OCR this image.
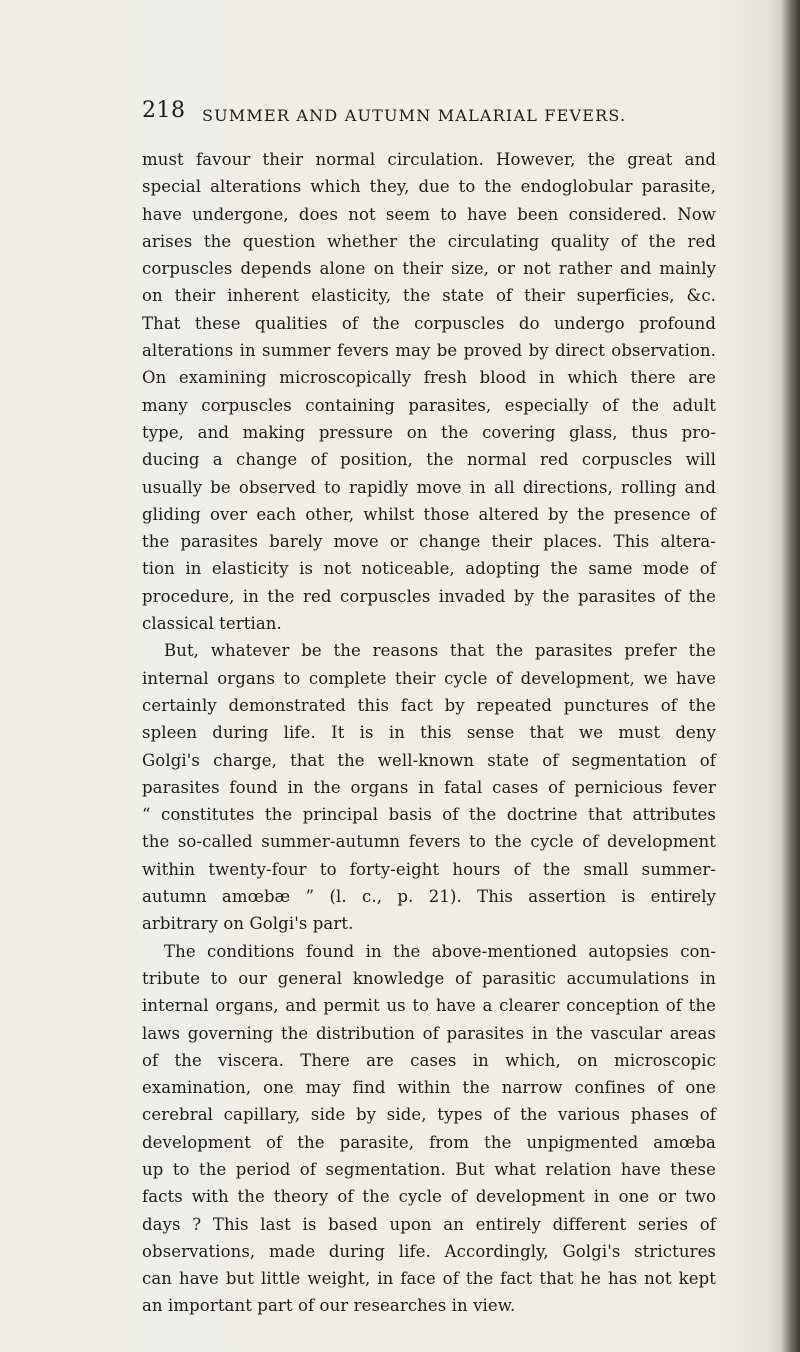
218 SUMMER AND AUTUMN MALARIAL FEVERS.
must favour their normal circulation. However, the great and
special alterations which they, due to the endoglobular parasite,
have undergone, does not seem to have been considered. Now
arises the question whether the circulating quality of the red
corpuscles depends alone on their size, or not rather and mainly
on their inherent elasticity, the state of their superficies, &c.
That these qualities of the corpuscles do undergo profound
alterations in summer fevers may be proved by direct observation.
On examining microscopically fresh blood in which there are
many corpuscles containing parasites, especially of the adult
type, and making pressure on the covering glass, thus pro-
ducing a change of position, the normal red corpuscles will
usually be observed to rapidly move in all directions, rolling and
gliding over each other, whilst those altered by the presence of
the parasites barely move or change their places. This altera-
tion in elasticity is not noticeable, adopting the same mode of
procedure, in the red corpuscles invaded by the parasites of the
classical tertian.
But, whatever be the reasons that the parasites prefer the
internal organs to complete their cycle of development, we have
certainly demonstrated this fact by repeated punctures of the
spleen during life. It is in this sense that we must deny
Golgi's charge, that the well-known state of segmentation of
parasites found in the organs in fatal cases of pernicious fever
“ constitutes the principal basis of the doctrine that attributes
the so-called summer-autumn fevers to the cycle of development
within twenty-four to forty-eight hours of the small summer-
autumn amœbæ ” (l. c., p. 21). This assertion is entirely
arbitrary on Golgi's part.
The conditions found in the above-mentioned autopsies con-
tribute to our general knowledge of parasitic accumulations in
internal organs, and permit us to have a clearer conception of the
laws governing the distribution of parasites in the vascular areas
of the viscera. There are cases in which, on microscopic
examination, one may find within the narrow confines of one
cerebral capillary, side by side, types of the various phases of
development of the parasite, from the unpigmented amœba
up to the period of segmentation. But what relation have these
facts with the theory of the cycle of development in one or two
days ? This last is based upon an entirely different series of
observations, made during life. Accordingly, Golgi's strictures
can have but little weight, in face of the fact that he has not kept
an important part of our researches in view.
